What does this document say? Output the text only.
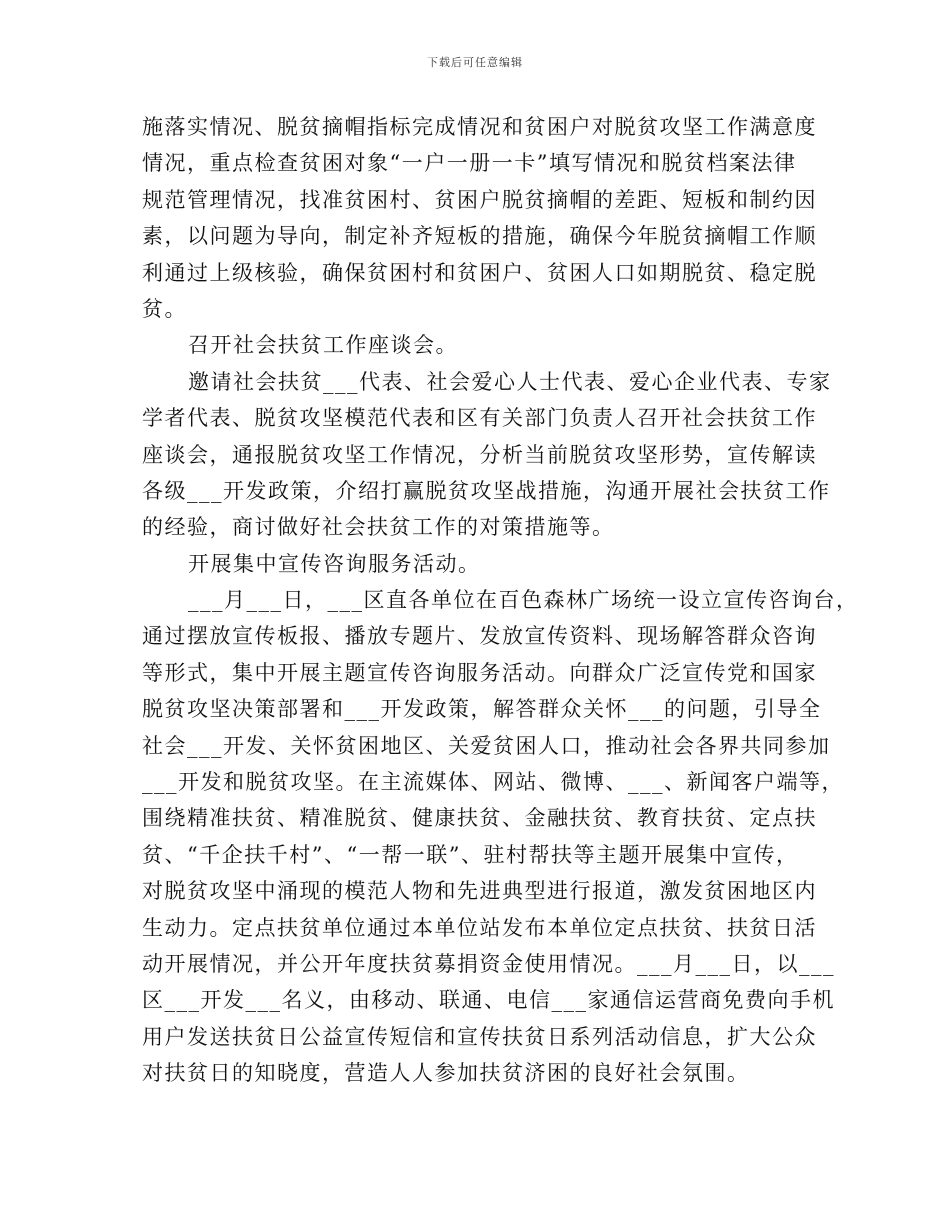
下载后可任意编辑
施落实情况、脱贫摘帽指标完成情况和贫困户对脱贫攻坚工作满意度
情况，重点检查贫困对象“一户一册一卡”填写情况和脱贫档案法律
规范管理情况，找准贫困村、贫困户脱贫摘帽的差距、短板和制约因
素，以问题为导向，制定补齐短板的措施，确保今年脱贫摘帽工作顺
利通过上级核验，确保贫困村和贫困户、贫困人口如期脱贫、稳定脱
贫。
召开社会扶贫工作座谈会。
邀请社会扶贫___代表、社会爱心人士代表、爱心企业代表、专家
学者代表、脱贫攻坚模范代表和区有关部门负责人召开社会扶贫工作
座谈会，通报脱贫攻坚工作情况，分析当前脱贫攻坚形势，宣传解读
各级___开发政策，介绍打赢脱贫攻坚战措施，沟通开展社会扶贫工作
的经验，商讨做好社会扶贫工作的对策措施等。
开展集中宣传咨询服务活动。
___月___日，___区直各单位在百色森林广场统一设立宣传咨询台，
通过摆放宣传板报、播放专题片、发放宣传资料、现场解答群众咨询
等形式，集中开展主题宣传咨询服务活动。向群众广泛宣传党和国家
脱贫攻坚决策部署和___开发政策，解答群众关怀___的问题，引导全
社会___开发、关怀贫困地区、关爱贫困人口，推动社会各界共同参加
___开发和脱贫攻坚。在主流媒体、网站、微博、___、新闻客户端等，
围绕精准扶贫、精准脱贫、健康扶贫、金融扶贫、教育扶贫、定点扶
贫、“千企扶千村”、“一帮一联”、驻村帮扶等主题开展集中宣传，
对脱贫攻坚中涌现的模范人物和先进典型进行报道，激发贫困地区内
生动力。定点扶贫单位通过本单位站发布本单位定点扶贫、扶贫日活
动开展情况，并公开年度扶贫募捐资金使用情况。___月___日，以___
区___开发___名义，由移动、联通、电信___家通信运营商免费向手机
用户发送扶贫日公益宣传短信和宣传扶贫日系列活动信息，扩大公众
对扶贫日的知晓度，营造人人参加扶贫济困的良好社会氛围。
